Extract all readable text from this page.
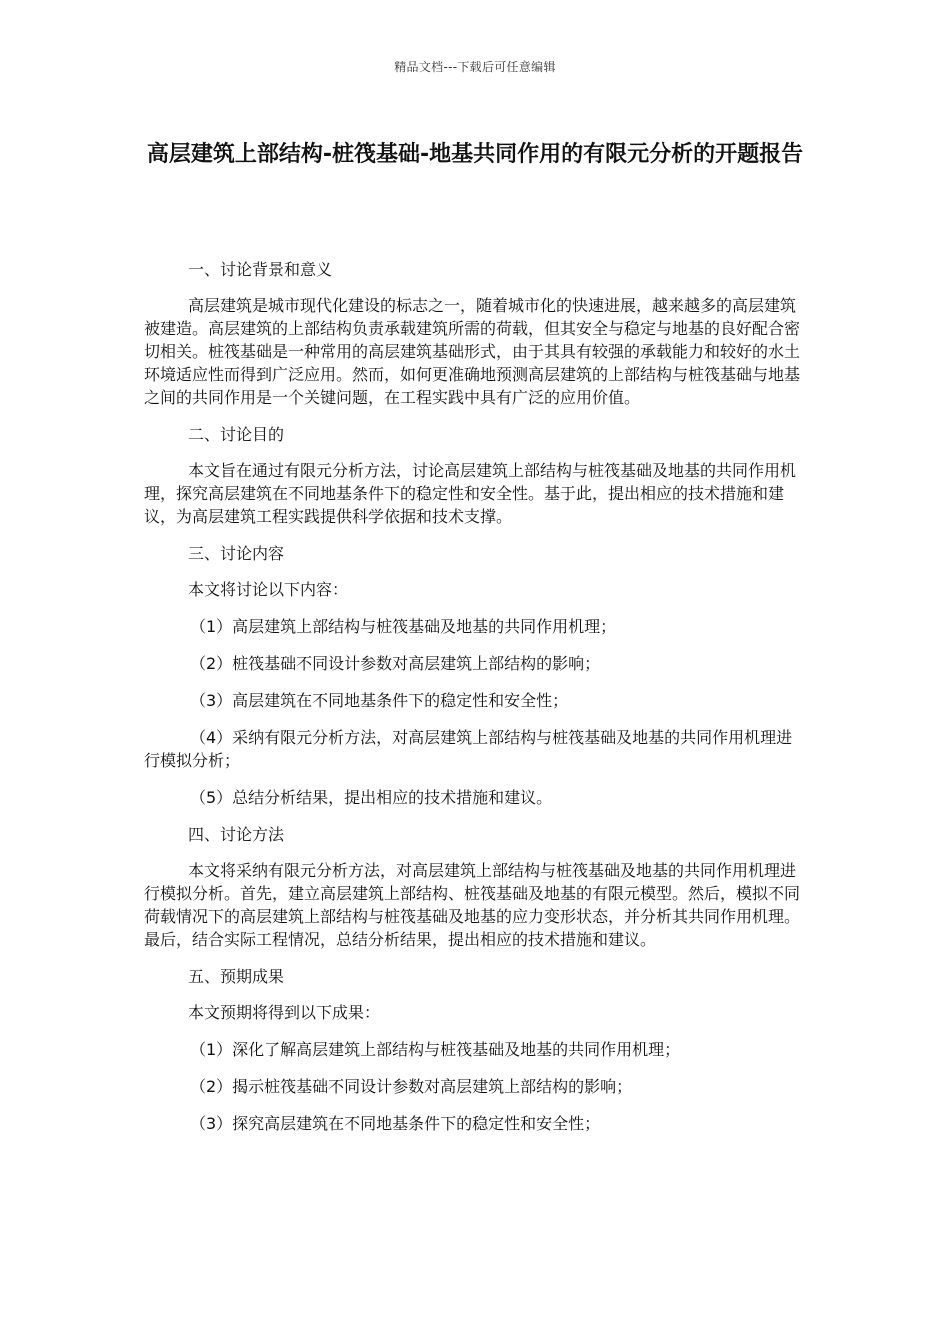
精品文档---下载后可任意编辑
高层建筑上部结构-桩筏基础-地基共同作用的有限元分析的开题报告

一、讨论背景和意义

高层建筑是城市现代化建设的标志之一，随着城市化的快速进展，越来越多的高层建筑被建造。高层建筑的上部结构负责承载建筑所需的荷载，但其安全与稳定与地基的良好配合密切相关。桩筏基础是一种常用的高层建筑基础形式，由于其具有较强的承载能力和较好的水土环境适应性而得到广泛应用。然而，如何更准确地预测高层建筑的上部结构与桩筏基础与地基之间的共同作用是一个关键问题，在工程实践中具有广泛的应用价值。

二、讨论目的

本文旨在通过有限元分析方法，讨论高层建筑上部结构与桩筏基础及地基的共同作用机理，探究高层建筑在不同地基条件下的稳定性和安全性。基于此，提出相应的技术措施和建议，为高层建筑工程实践提供科学依据和技术支撑。

三、讨论内容

本文将讨论以下内容：

（1）高层建筑上部结构与桩筏基础及地基的共同作用机理；

（2）桩筏基础不同设计参数对高层建筑上部结构的影响；

（3）高层建筑在不同地基条件下的稳定性和安全性；

（4）采纳有限元分析方法，对高层建筑上部结构与桩筏基础及地基的共同作用机理进行模拟分析；

（5）总结分析结果，提出相应的技术措施和建议。

四、讨论方法

本文将采纳有限元分析方法，对高层建筑上部结构与桩筏基础及地基的共同作用机理进行模拟分析。首先，建立高层建筑上部结构、桩筏基础及地基的有限元模型。然后，模拟不同荷载情况下的高层建筑上部结构与桩筏基础及地基的应力变形状态，并分析其共同作用机理。最后，结合实际工程情况，总结分析结果，提出相应的技术措施和建议。

五、预期成果

本文预期将得到以下成果：

（1）深化了解高层建筑上部结构与桩筏基础及地基的共同作用机理；

（2）揭示桩筏基础不同设计参数对高层建筑上部结构的影响；

（3）探究高层建筑在不同地基条件下的稳定性和安全性；
